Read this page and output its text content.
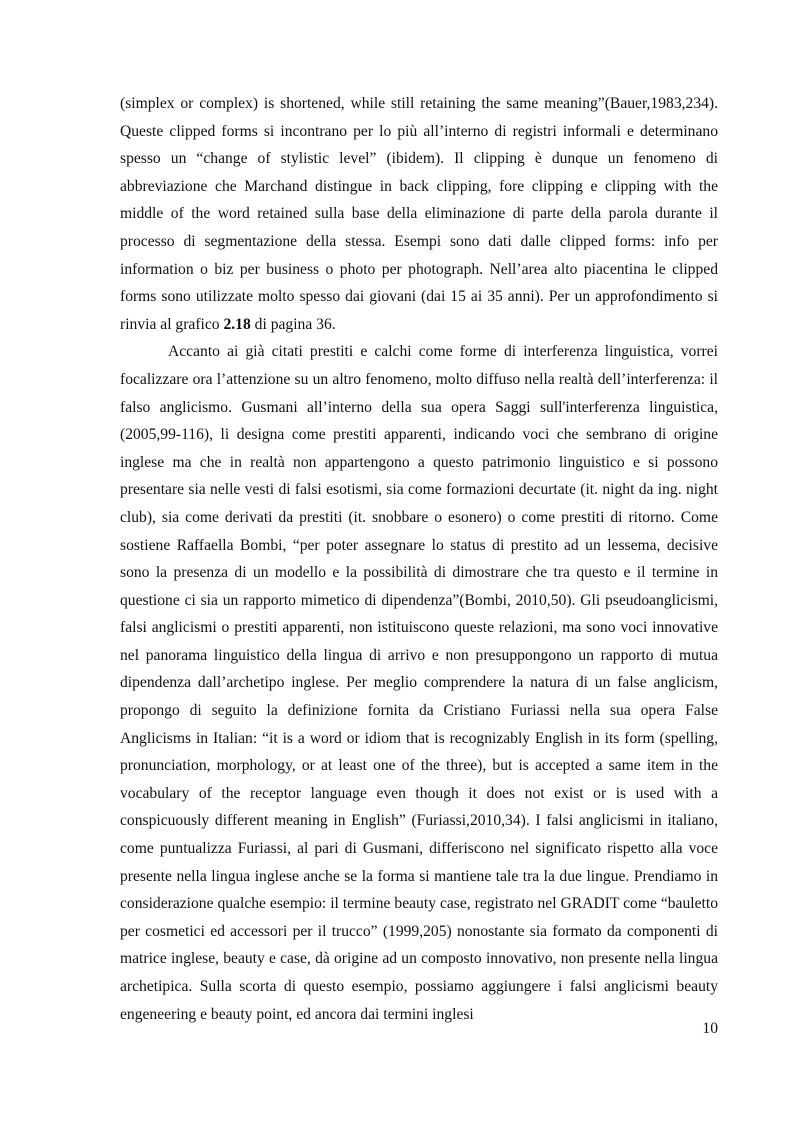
(simplex or complex) is shortened, while still retaining the same meaning”(Bauer,1983,234). Queste clipped forms si incontrano per lo più all’interno di registri informali e determinano spesso un “change of stylistic level” (ibidem). Il clipping è dunque un fenomeno di abbreviazione che Marchand distingue in back clipping, fore clipping e clipping with the middle of the word retained sulla base della eliminazione di parte della parola durante il processo di segmentazione della stessa. Esempi sono dati dalle clipped forms: info per information o biz per business o photo per photograph. Nell’area alto piacentina le clipped forms sono utilizzate molto spesso dai giovani (dai 15 ai 35 anni). Per un approfondimento si rinvia al grafico 2.18 di pagina 36.

Accanto ai già citati prestiti e calchi come forme di interferenza linguistica, vorrei focalizzare ora l’attenzione su un altro fenomeno, molto diffuso nella realtà dell’interferenza: il falso anglicismo. Gusmani all’interno della sua opera Saggi sull'interferenza linguistica, (2005,99-116), li designa come prestiti apparenti, indicando voci che sembrano di origine inglese ma che in realtà non appartengono a questo patrimonio linguistico e si possono presentare sia nelle vesti di falsi esotismi, sia come formazioni decurtate (it. night da ing. night club), sia come derivati da prestiti (it. snobbare o esonero) o come prestiti di ritorno. Come sostiene Raffaella Bombi, “per poter assegnare lo status di prestito ad un lessema, decisive sono la presenza di un modello e la possibilità di dimostrare che tra questo e il termine in questione ci sia un rapporto mimetico di dipendenza”(Bombi, 2010,50). Gli pseudoanglicismi, falsi anglicismi o prestiti apparenti, non istituiscono queste relazioni, ma sono voci innovative nel panorama linguistico della lingua di arrivo e non presuppongono un rapporto di mutua dipendenza dall’archetipo inglese. Per meglio comprendere la natura di un false anglicism, propongo di seguito la definizione fornita da Cristiano Furiassi nella sua opera False Anglicisms in Italian: “it is a word or idiom that is recognizably English in its form (spelling, pronunciation, morphology, or at least one of the three), but is accepted a same item in the vocabulary of the receptor language even though it does not exist or is used with a conspicuously different meaning in English” (Furiassi,2010,34). I falsi anglicismi in italiano, come puntualizza Furiassi, al pari di Gusmani, differiscono nel significato rispetto alla voce presente nella lingua inglese anche se la forma si mantiene tale tra la due lingue. Prendiamo in considerazione qualche esempio: il termine beauty case, registrato nel GRADIT come “bauletto per cosmetici ed accessori per il trucco” (1999,205) nonostante sia formato da componenti di matrice inglese, beauty e case, dà origine ad un composto innovativo, non presente nella lingua archetipica. Sulla scorta di questo esempio, possiamo aggiungere i falsi anglicismi beauty engeneering e beauty point, ed ancora dai termini inglesi

10
